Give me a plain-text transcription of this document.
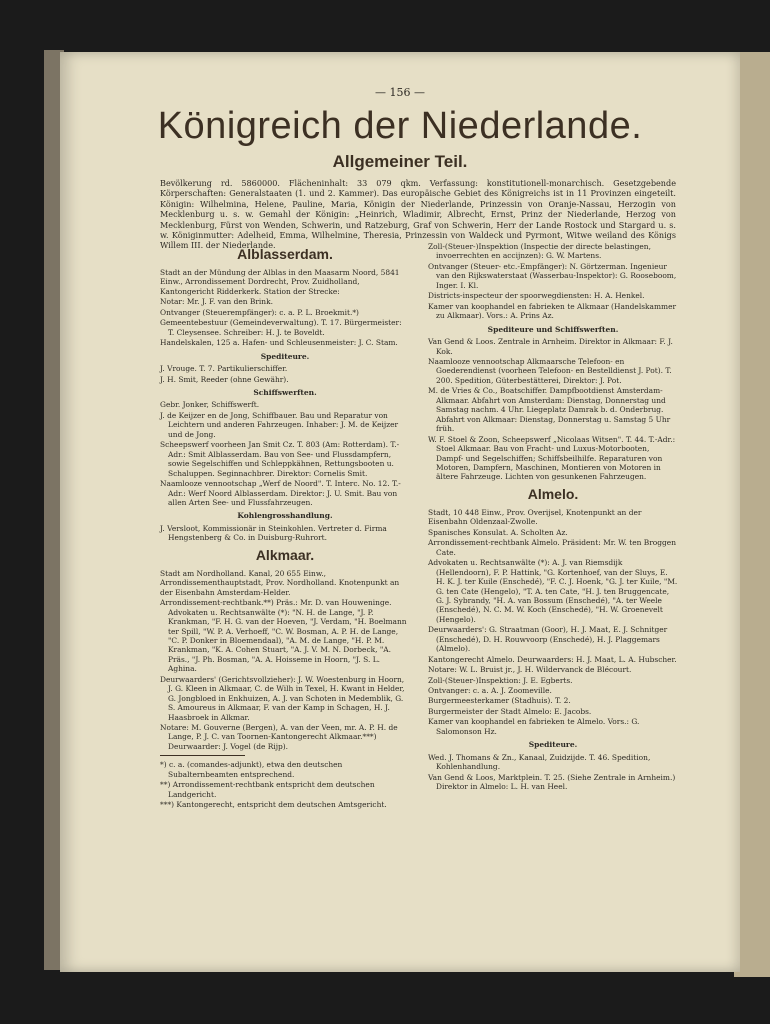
— 156 —
Königreich der Niederlande.
Allgemeiner Teil.
Bevölkerung rd. 5860000. Flächeninhalt: 33 079 qkm. Verfassung: konstitutionell-monarchisch. Gesetzgebende Körperschaften: Generalstaaten (1. und 2. Kammer). Das europäische Gebiet des Königreichs ist in 11 Provinzen eingeteilt. Königin: Wilhelmina, Helene, Pauline, Maria, Königin der Niederlande, Prinzessin von Oranje-Nassau, Herzogin von Mecklenburg u. s. w. Gemahl der Königin: „Heinrich, Wladimir, Albrecht, Ernst, Prinz der Niederlande, Herzog von Mecklenburg, Fürst von Wenden, Schwerin, und Ratzeburg, Graf von Schwerin, Herr der Lande Rostock und Stargard u. s. w. Königinmutter: Adelheid, Emma, Wilhelmine, Theresia, Prinzessin von Waldeck und Pyrmont, Witwe weiland des Königs Willem III. der Niederlande.
Alblasserdam.

Stadt an der Mündung der Alblas in den Maasarm Noord, 5841 Einw., Arrondissement Dordrecht, Prov. Zuidholland, Kantongericht Ridderkerk. Station der Strecke:

Notar: Mr. J. F. van den Brink.

Ontvanger (Steuerempfänger): c. a. P. L. Broekmit.*)

Gemeentebestuur (Gemeindeverwaltung). T. 17. Bürgermeister: T. Cleysensee. Schreiber: H. J. te Boveldt.

Handelskalen, 125 a. Hafen- und Schleusenmeister: J. C. Stam.

Spediteure.

J. Vrouge. T. 7. Partikulierschiffer.

J. H. Smit, Reeder (ohne Gewähr).

Schiffswerften.

Gebr. Jonker, Schiffswerft.

J. de Keijzer en de Jong, Schiffbauer. Bau und Reparatur von Leichtern und anderen Fahrzeugen. Inhaber: J. M. de Keijzer und de Jong.

Scheepswerf voorheen Jan Smit Cz. T. 803 (Am: Rotterdam). T.-Adr.: Smit Alblasserdam. Bau von See- und Flussdampfern, sowie Segelschiffen und Schleppkähnen, Rettungsbooten u. Schaluppen. Seginnachbrer. Direktor: Cornelis Smit.

Naamlooze vennootschap „Werf de Noord". T. Interc. No. 12. T.-Adr.: Werf Noord Alblasserdam. Direktor: J. U. Smit. Bau von allen Arten See- und Flussfahrzeugen.

Kohlengrosshandlung.

J. Versloot, Kommissionär in Steinkohlen. Vertreter d. Firma Hengstenberg & Co. in Duisburg-Ruhrort.

Alkmaar.

Stadt am Nordholland. Kanal, 20 655 Einw., Arrondissementhauptstadt, Prov. Nordholland. Knotenpunkt an der Eisenbahn Amsterdam-Helder.

Arrondissement-rechtbank.**) Präs.: Mr. D. van Houweninge. Advokaten u. Rechtsanwälte (*): "N. H. de Lange, "J. P. Krankman, "F. H. G. van der Hoeven, "J. Verdam, "H. Boelmann ter Spill, "W. P. A. Verhoeff, "C. W. Bosman, A. P. H. de Lange, "C. P. Donker in Bloemendaal), "A. M. de Lange, "H. P. M. Krankman, "K. A. Cohen Stuart, "A. J. V. M. N. Dorbeck, "A. Präs., "J. Ph. Bosman, "A. A. Hoisseme in Hoorn, "J. S. L. Aghina.

Deurwaarders' (Gerichtsvollzieher): J. W. Woestenburg in Hoorn, J. G. Kleen in Alkmaar, C. de Wilh in Texel, H. Kwant in Helder, G. Jongbloed in Enkhuizen, A. J. van Schoten in Medemblik, G. S. Amoureus in Alkmaar, F. van der Kamp in Schagen, H. J. Haasbroek in Alkmar.

Notare: M. Gouverne (Bergen), A. van der Veen, mr. A. P. H. de Lange, P. J. C. van Toornen-Kantongerecht Alkmaar.***) Deurwaarder: J. Vogel (de Rijp).

*) c. a. (comandes-adjunkt), etwa den deutschen Subalternbeamten entsprechend.

**) Arrondissement-rechtbank entspricht dem deutschen Landgericht.

***) Kantongerecht, entspricht dem deutschen Amtsgericht.

Zoll-(Steuer-)Inspektion (Inspectie der directe belastingen, invoerrechten en accijnzen): G. W. Martens.

Ontvanger (Steuer- etc.-Empfänger): N. Görtzerman. Ingenieur van den Rijkswaterstaat (Wasserbau-Inspektor): G. Rooseboom, Inger. I. Kl.

Districts-inspecteur der spoorwegdiensten: H. A. Henkel.

Kamer van koophandel en fabrieken te Alkmaar (Handelskammer zu Alkmaar). Vors.: A. Prins Az.

Spediteure und Schiffswerften.

Van Gend & Loos. Zentrale in Arnheim. Direktor in Alkmaar: F. J. Kok.

Naamlooze vennootschap Alkmaarsche Telefoon- en Goederendienst (voorheen Telefoon- en Bestelldienst J. Pot). T. 200. Spedition, Güterbestätterei, Direktor: J. Pot.

M. de Vries & Co., Boatschiffer. Dampfbootdienst Amsterdam-Alkmaar. Abfahrt von Amsterdam: Dienstag, Donnerstag und Samstag nachm. 4 Uhr. Liegeplatz Damrak b. d. Onderbrug. Abfahrt von Alkmaar: Dienstag, Donnerstag u. Samstag 5 Uhr früh.

W. F. Stoel & Zoon, Scheepswerf „Nicolaas Witsen". T. 44. T.-Adr.: Stoel Alkmaar. Bau von Fracht- und Luxus-Motorbooten, Dampf- und Segelschiffen; Schiffsbeilhilfe. Reparaturen von Motoren, Dampfern, Maschinen, Montieren von Motoren in ältere Fahrzeuge. Lichten von gesunkenen Fahrzeugen.

Almelo.

Stadt, 10 448 Einw., Prov. Overijsel, Knotenpunkt an der Eisenbahn Oldenzaal-Zwolle.

Spanisches Konsulat. A. Scholten Az.

Arrondissement-rechtbank Almelo. Präsident: Mr. W. ten Broggen Cate.

Advokaten u. Rechtsanwälte (*): A. J. van Riemsdijk (Hellendoorn), F. P. Hattink, "G. Kortenhoef, van der Sluys, E. H. K. J. ter Kuile (Enschedé), "F. C. J. Hoenk, "G. J. ter Kuile, "M. G. ten Cate (Hengelo), "T. A. ten Cate, "H. J. ten Bruggencate, G. J. Sybrandy, "H. A. van Bossum (Enschedé), "A. ter Weele (Enschedé), N. C. M. W. Koch (Enschedé), "H. W. Groenevelt (Hengelo).

Deurwaarders': G. Straatman (Goor), H. J. Maat, E. J. Schnitger (Enschedé), D. H. Rouwvoorp (Enschedé), H. J. Plaggemars (Almelo).

Kantongerecht Almelo. Deurwaarders: H. J. Maat, L. A. Hubscher.

Notare: W. L. Bruist jr., J. H. Wildervanck de Blécourt.

Zoll-(Steuer-)Inspektion: J. E. Egberts.

Ontvanger: c. a. A. J. Zoomeville.

Burgermeesterkamer (Stadhuis). T. 2.

Burgermeister der Stadt Almelo: E. Jacobs.

Kamer van koophandel en fabrieken te Almelo. Vors.: G. Salomonson Hz.

Spediteure.

Wed. J. Thomans & Zn., Kanaal, Zuidzijde. T. 46. Spedition, Kohlenhandlung.

Van Gend & Loos, Marktplein. T. 25. (Siehe Zentrale in Arnheim.) Direktor in Almelo: L. H. van Heel.
